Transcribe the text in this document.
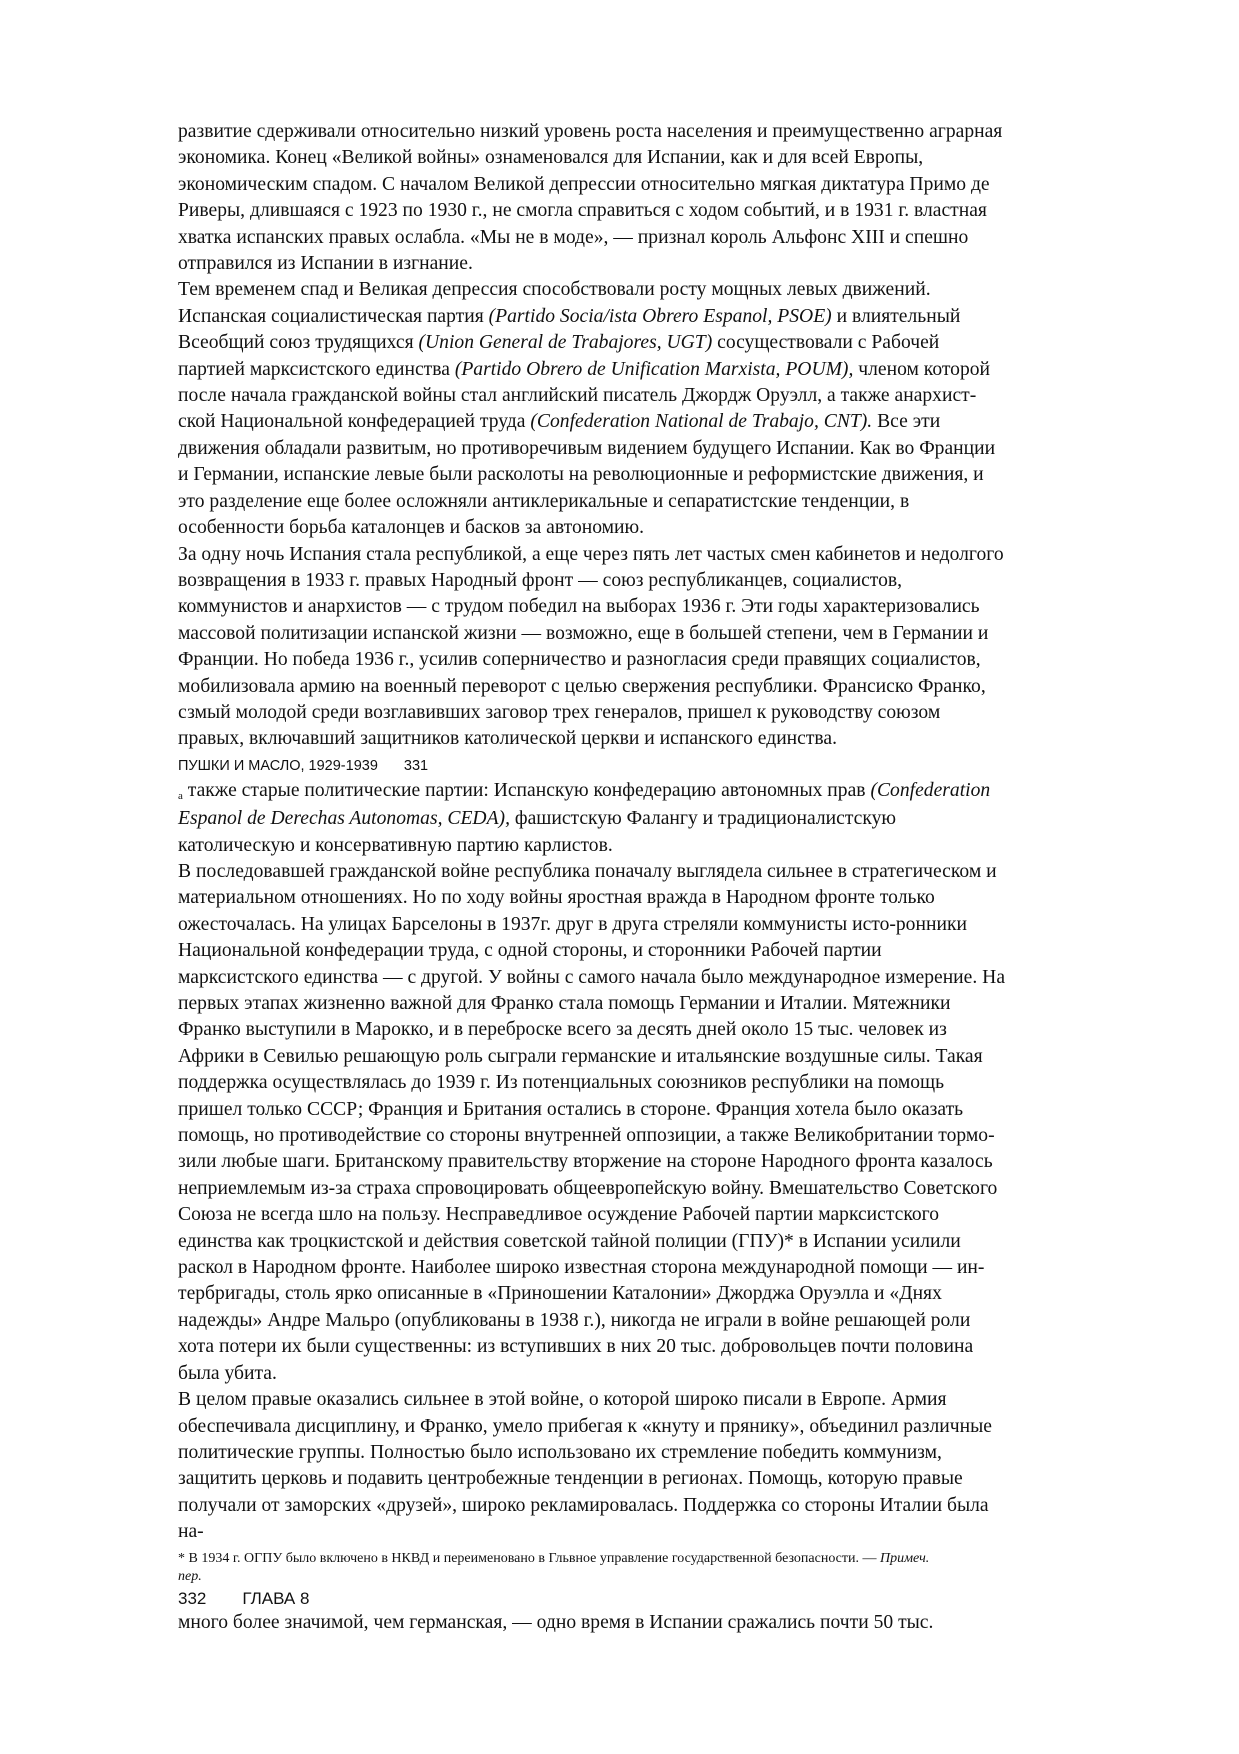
развитие сдерживали относительно низкий уровень роста населения и преимущественно аграрная
экономика. Конец «Великой войны» ознаменовался для Испании, как и для всей Европы,
экономическим спадом. С началом Великой депрессии относительно мягкая диктатура Примо де
Риверы, длившаяся с 1923 по 1930 г., не смогла справиться с ходом событий, и в 1931 г. властная
хватка испанских правых ослабла. «Мы не в моде», — признал король Альфонс XIII и спешно
отправился из Испании в изгнание.

Тем временем спад и Великая депрессия способствовали росту мощных левых движений.
Испанская социалистическая партия (Partido Socia/ista Obrero Espanol, PSOE) и влиятельный
Всеобщий союз трудящихся (Union General de Trabajores, UGT) сосуществовали с Рабочей
партией марксистского единства (Partido Obrero de Unification Marxista, POUM), членом которой
после начала гражданской войны стал английский писатель Джордж Оруэлл, а также анархист-
ской Национальной конфедерацией труда (Confederation National de Trabajo, CNT). Все эти
движения обладали развитым, но противоречивым видением будущего Испании. Как во Франции
и Германии, испанские левые были расколоты на революционные и реформистские движения, и
это разделение еще более осложняли антиклерикальные и сепаратистские тенденции, в
особенности борьба каталонцев и басков за автономию.

За одну ночь Испания стала республикой, а еще через пять лет частых смен кабинетов и недолгого
возвращения в 1933 г. правых Народный фронт — союз республиканцев, социалистов,
коммунистов и анархистов — с трудом победил на выборах 1936 г. Эти годы характеризовались
массовой политизации испанской жизни — возможно, еще в большей степени, чем в Германии и
Франции. Но победа 1936 г., усилив соперничество и разногласия среди правящих социалистов,
мобилизовала армию на военный переворот с целью свержения республики. Франсиско Франко,
сзмый молодой среди возглавивших заговор трех генералов, пришел к руководству союзом
правых, включавший защитников католической церкви и испанского единства.

ПУШКИ И МАСЛО, 1929-1939 331

а также старые политические партии: Испанскую конфедерацию автономных прав (Confederation
Espanol de Derechas Autonomas, CEDA), фашистскую Фалангу и традиционалистскую
католическую и консервативную партию карлистов.

В последовавшей гражданской войне республика поначалу выглядела сильнее в стратегическом и
материальном отношениях. Но по ходу войны яростная вражда в Народном фронте только
ожесточалась. На улицах Барселоны в 1937г. друг в друга стреляли коммунисты исто-ронники
Национальной конфедерации труда, с одной стороны, и сторонники Рабочей партии
марксистского единства — с другой. У войны с самого начала было международное измерение. На
первых этапах жизненно важной для Франко стала помощь Германии и Италии. Мятежники
Франко выступили в Марокко, и в переброске всего за десять дней около 15 тыс. человек из
Африки в Севилью решающую роль сыграли германские и итальянские воздушные силы. Такая
поддержка осуществлялась до 1939 г. Из потенциальных союзников республики на помощь
пришел только СССР; Франция и Британия остались в стороне. Франция хотела было оказать
помощь, но противодействие со стороны внутренней оппозиции, а также Великобритании тормо-
зили любые шаги. Британскому правительству вторжение на стороне Народного фронта казалось
неприемлемым из-за страха спровоцировать общеевропейскую войну. Вмешательство Советского
Союза не всегда шло на пользу. Несправедливое осуждение Рабочей партии марксистского
единства как троцкистской и действия советской тайной полиции (ГПУ)* в Испании усилили
раскол в Народном фронте. Наиболее широко известная сторона международной помощи — ин-
тербригады, столь ярко описанные в «Приношении Каталонии» Джорджа Оруэлла и «Днях
надежды» Андре Мальро (опубликованы в 1938 г.), никогда не играли в войне решающей роли
хота потери их были существенны: из вступивших в них 20 тыс. добровольцев почти половина
была убита.

В целом правые оказались сильнее в этой войне, о которой широко писали в Европе. Армия
обеспечивала дисциплину, и Франко, умело прибегая к «кнуту и прянику», объединил различные
политические группы. Полностью было использовано их стремление победить коммунизм,
защитить церковь и подавить центробежные тенденции в регионах. Помощь, которую правые
получали от заморских «друзей», широко рекламировалась. Поддержка со стороны Италии была
на-

* В 1934 г. ОГПУ было включено в НКВД и переименовано в Гльвное управление государственной безопасности. — Примеч.
пер.

332 ГЛАВА 8

много более значимой, чем германская, — одно время в Испании сражались почти 50 тыс.
